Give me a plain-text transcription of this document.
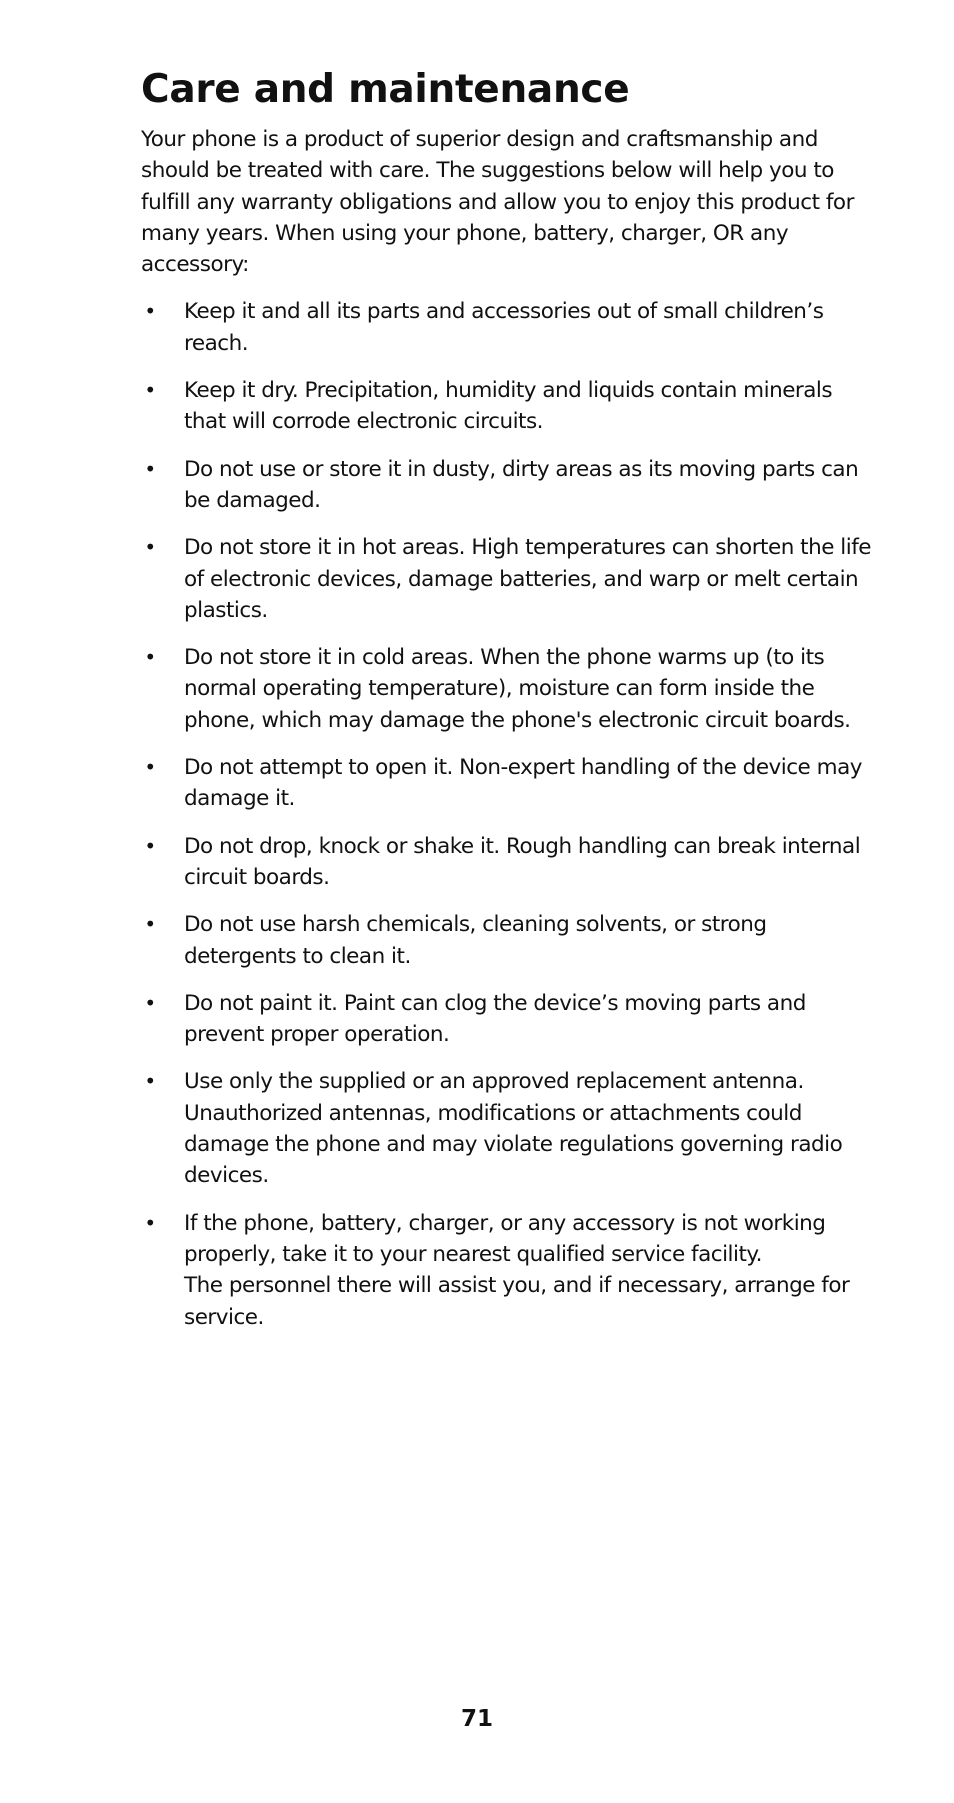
Care and maintenance

Your phone is a product of superior design and craftsmanship and should be treated with care. The suggestions below will help you to fulfill any warranty obligations and allow you to enjoy this product for many years. When using your phone, battery, charger, OR any accessory:

• Keep it and all its parts and accessories out of small children’s reach.
• Keep it dry. Precipitation, humidity and liquids contain minerals that will corrode electronic circuits.
• Do not use or store it in dusty, dirty areas as its moving parts can be damaged.
• Do not store it in hot areas. High temperatures can shorten the life of electronic devices, damage batteries, and warp or melt certain plastics.
• Do not store it in cold areas. When the phone warms up (to its normal operating temperature), moisture can form inside the phone, which may damage the phone's electronic circuit boards.
• Do not attempt to open it. Non-expert handling of the device may damage it.
• Do not drop, knock or shake it. Rough handling can break internal circuit boards.
• Do not use harsh chemicals, cleaning solvents, or strong detergents to clean it.
• Do not paint it. Paint can clog the device’s moving parts and prevent proper operation.
• Use only the supplied or an approved replacement antenna. Unauthorized antennas, modifications or attachments could damage the phone and may violate regulations governing radio devices.
• If the phone, battery, charger, or any accessory is not working properly, take it to your nearest qualified service facility.
The personnel there will assist you, and if necessary, arrange for service.
71
